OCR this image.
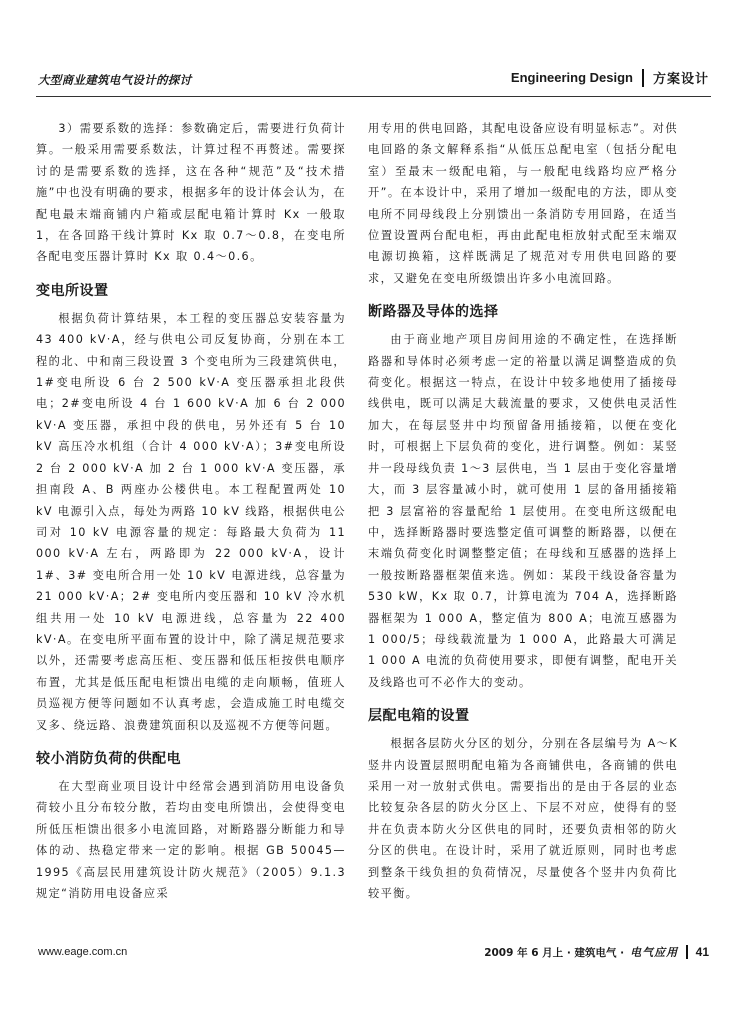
大型商业建筑电气设计的探讨	Engineering Design 方案设计

3）需要系数的选择：参数确定后，需要进行负荷计算。一般采用需要系数法，计算过程不再赘述。需要探讨的是需要系数的选择，这在各种“规范”及“技术措施”中也没有明确的要求，根据多年的设计体会认为，在配电最末端商铺内户箱或层配电箱计算时 Kx 一般取 1，在各回路干线计算时 Kx 取 0.7～0.8，在变电所各配电变压器计算时 Kx 取 0.4～0.6。

变电所设置

根据负荷计算结果，本工程的变压器总安装容量为 43 400 kV·A，经与供电公司反复协商，分别在本工程的北、中和南三段设置 3 个变电所为三段建筑供电，1#变电所设 6 台 2 500 kV·A 变压器承担北段供电；2#变电所设 4 台 1 600 kV·A 加 6 台 2 000 kV·A 变压器，承担中段的供电，另外还有 5 台 10 kV 高压冷水机组（合计 4 000 kV·A）；3#变电所设 2 台 2 000 kV·A 加 2 台 1 000 kV·A 变压器，承担南段 A、B 两座办公楼供电。本工程配置两处 10 kV 电源引入点，每处为两路 10 kV 线路，根据供电公司对 10 kV 电源容量的规定：每路最大负荷为 11 000 kV·A 左右，两路即为 22 000 kV·A，设计 1#、3# 变电所合用一处 10 kV 电源进线，总容量为21 000 kV·A；2# 变电所内变压器和 10 kV 冷水机组共用一处 10 kV 电源进线，总容量为 22 400 kV·A。在变电所平面布置的设计中，除了满足规范要求以外，还需要考虑高压柜、变压器和低压柜按供电顺序布置，尤其是低压配电柜馈出电缆的走向顺畅，值班人员巡视方便等问题如不认真考虑，会造成施工时电缆交叉多、绕远路、浪费建筑面积以及巡视不方便等问题。

较小消防负荷的供配电

在大型商业项目设计中经常会遇到消防用电设备负荷较小且分布较分散，若均由变电所馈出，会使得变电所低压柜馈出很多小电流回路，对断路器分断能力和导体的动、热稳定带来一定的影响。根据 GB 50045—1995《高层民用建筑设计防火规范》（2005）9.1.3 规定“消防用电设备应采

用专用的供电回路，其配电设备应设有明显标志”。对供电回路的条文解释系指“从低压总配电室（包括分配电室）至最末一级配电箱，与一般配电线路均应严格分开”。在本设计中，采用了增加一级配电的方法，即从变电所不同母线段上分别馈出一条消防专用回路，在适当位置设置两台配电柜，再由此配电柜放射式配至末端双电源切换箱，这样既满足了规范对专用供电回路的要求，又避免在变电所级馈出许多小电流回路。

断路器及导体的选择

由于商业地产项目房间用途的不确定性，在选择断路器和导体时必须考虑一定的裕量以满足调整造成的负荷变化。根据这一特点，在设计中较多地使用了插接母线供电，既可以满足大载流量的要求，又使供电灵活性加大，在每层竖井中均预留备用插接箱，以便在变化时，可根据上下层负荷的变化，进行调整。例如：某竖井一段母线负责 1～3 层供电，当 1 层由于变化容量增大，而 3 层容量减小时，就可使用 1 层的备用插接箱把 3 层富裕的容量配给 1 层使用。在变电所这级配电中，选择断路器时要选整定值可调整的断路器，以便在末端负荷变化时调整整定值；在母线和互感器的选择上一般按断路器框架值来选。例如：某段干线设备容量为 530 kW，Kx 取 0.7，计算电流为 704 A，选择断路器框架为 1 000 A，整定值为 800 A；电流互感器为 1 000/5；母线载流量为 1 000 A，此路最大可满足 1 000 A 电流的负荷使用要求，即便有调整，配电开关及线路也可不必作大的变动。

层配电箱的设置

根据各层防火分区的划分，分别在各层编号为 A～K 竖井内设置层照明配电箱为各商铺供电，各商铺的供电采用一对一放射式供电。需要指出的是由于各层的业态比较复杂各层的防火分区上、下层不对应，使得有的竖井在负责本防火分区供电的同时，还要负责相邻的防火分区的供电。在设计时，采用了就近原则，同时也考虑到整条干线负担的负荷情况，尽量使各个竖井内负荷比较平衡。

www.eage.com.cn	2009 年 6 月上 · 建筑电气 · 电气应用 41
